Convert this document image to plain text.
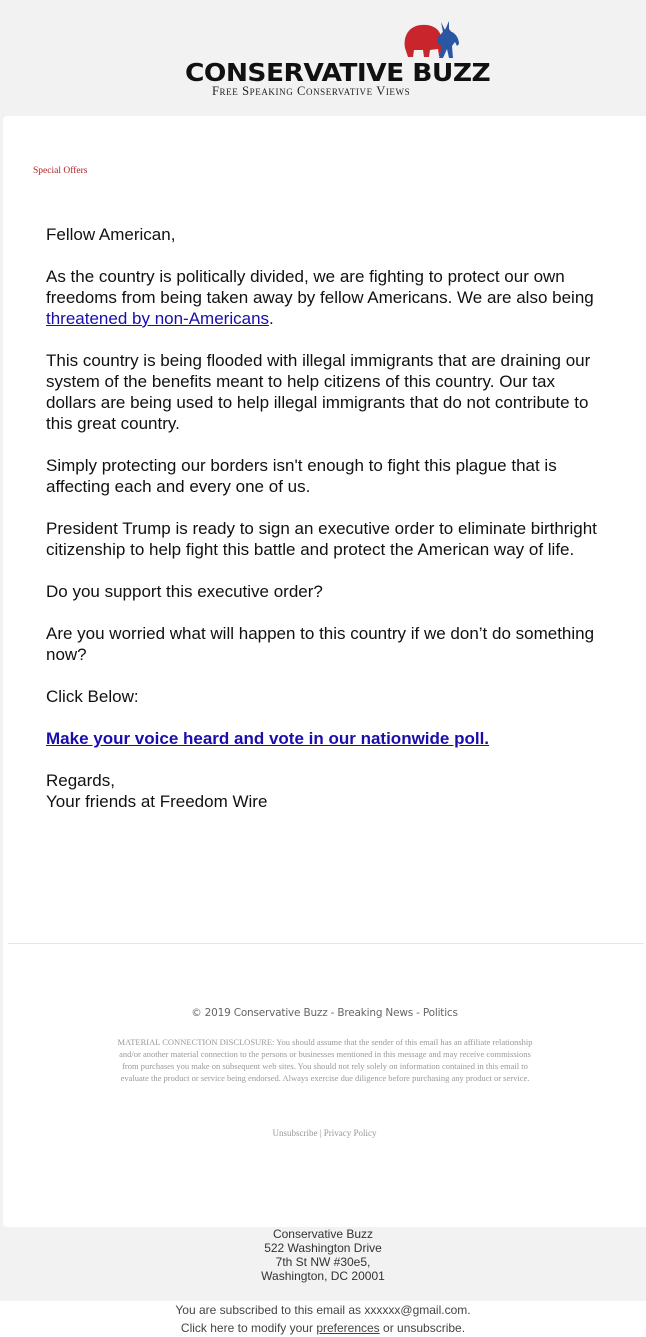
CONSERVATIVE BUZZ
Free Speaking Conservative Views
Special Offers

Fellow American,

As the country is politically divided, we are fighting to protect our own freedoms from being taken away by fellow Americans. We are also being threatened by non-Americans.

This country is being flooded with illegal immigrants that are draining our system of the benefits meant to help citizens of this country. Our tax dollars are being used to help illegal immigrants that do not contribute to this great country.

Simply protecting our borders isn't enough to fight this plague that is affecting each and every one of us.

President Trump is ready to sign an executive order to eliminate birthright citizenship to help fight this battle and protect the American way of life.

Do you support this executive order?

Are you worried what will happen to this country if we don’t do something now?

Click Below:

Make your voice heard and vote in our nationwide poll.

Regards,
Your friends at Freedom Wire

© 2019 Conservative Buzz - Breaking News - Politics
MATERIAL CONNECTION DISCLOSURE: You should assume that the sender of this email has an affiliate relationship and/or another material connection to the persons or businesses mentioned in this message and may receive commissions from purchases you make on subsequent web sites. You should not rely solely on information contained in this email to evaluate the product or service being endorsed. Always exercise due diligence before purchasing any product or service.
Unsubscribe | Privacy Policy
Conservative Buzz
522 Washington Drive
7th St NW #30e5,
Washington, DC 20001
You are subscribed to this email as xxxxxx@gmail.com.
Click here to modify your preferences or unsubscribe.
